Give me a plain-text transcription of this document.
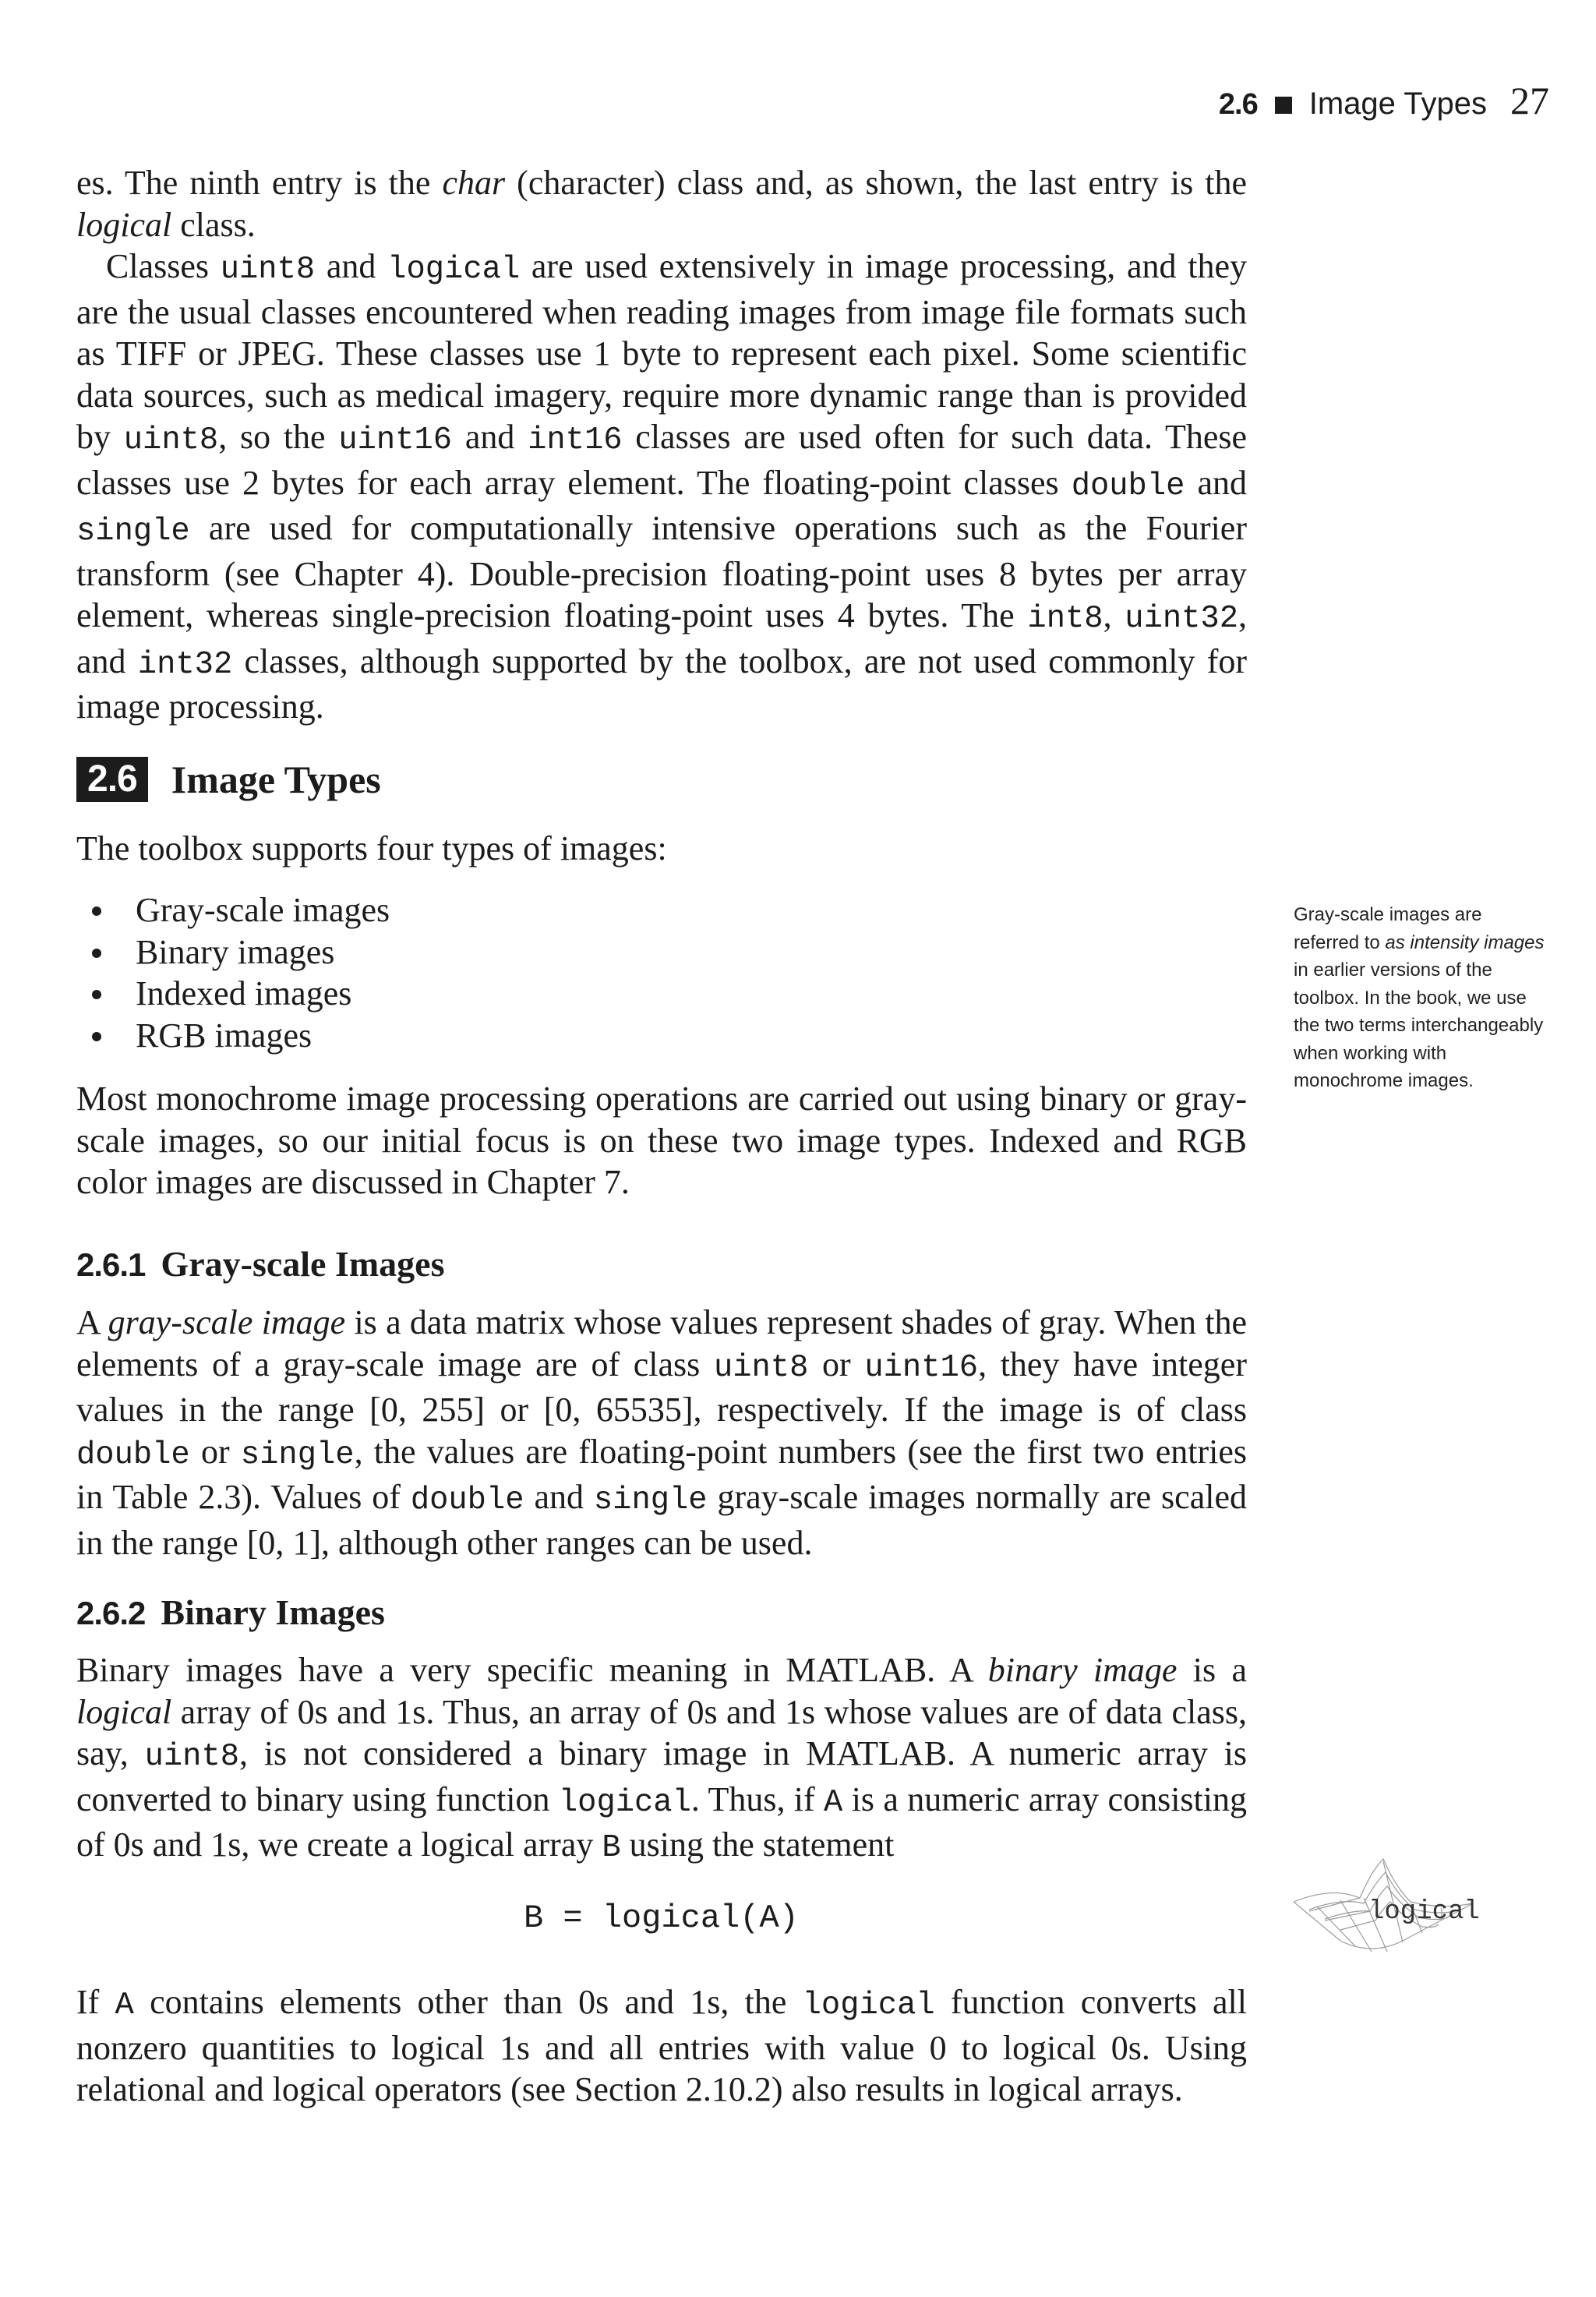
2.6 Image Types 27

es. The ninth entry is the char (character) class and, as shown, the last entry is the logical class.

Classes uint8 and logical are used extensively in image processing, and they are the usual classes encountered when reading images from image file formats such as TIFF or JPEG. These classes use 1 byte to represent each pixel. Some scientific data sources, such as medical imagery, require more dynamic range than is provided by uint8, so the uint16 and int16 classes are used often for such data. These classes use 2 bytes for each array element. The floating-point classes double and single are used for computationally intensive operations such as the Fourier transform (see Chapter 4). Double-precision floating-point uses 8 bytes per array element, whereas single-precision floating-point uses 4 bytes. The int8, uint32, and int32 classes, although supported by the toolbox, are not used commonly for image processing.

2.6 Image Types

The toolbox supports four types of images:

Gray-scale images
Binary images
Indexed images
RGB images

Most monochrome image processing operations are carried out using binary or gray-scale images, so our initial focus is on these two image types. Indexed and RGB color images are discussed in Chapter 7.

Gray-scale images are referred to as intensity images in earlier versions of the toolbox. In the book, we use the two terms interchangeably when working with monochrome images.
2.6.1 Gray-scale Images

A gray-scale image is a data matrix whose values represent shades of gray. When the elements of a gray-scale image are of class uint8 or uint16, they have integer values in the range [0, 255] or [0, 65535], respectively. If the image is of class double or single, the values are floating-point numbers (see the first two entries in Table 2.3). Values of double and single gray-scale images normally are scaled in the range [0, 1], although other ranges can be used.

2.6.2 Binary Images

Binary images have a very specific meaning in MATLAB. A binary image is a logical array of 0s and 1s. Thus, an array of 0s and 1s whose values are of data class, say, uint8, is not considered a binary image in MATLAB. A numeric array is converted to binary using function logical. Thus, if A is a numeric array consisting of 0s and 1s, we create a logical array B using the statement

B = logical(A)

If A contains elements other than 0s and 1s, the logical function converts all nonzero quantities to logical 1s and all entries with value 0 to logical 0s. Using relational and logical operators (see Section 2.10.2) also results in logical arrays.

logical
